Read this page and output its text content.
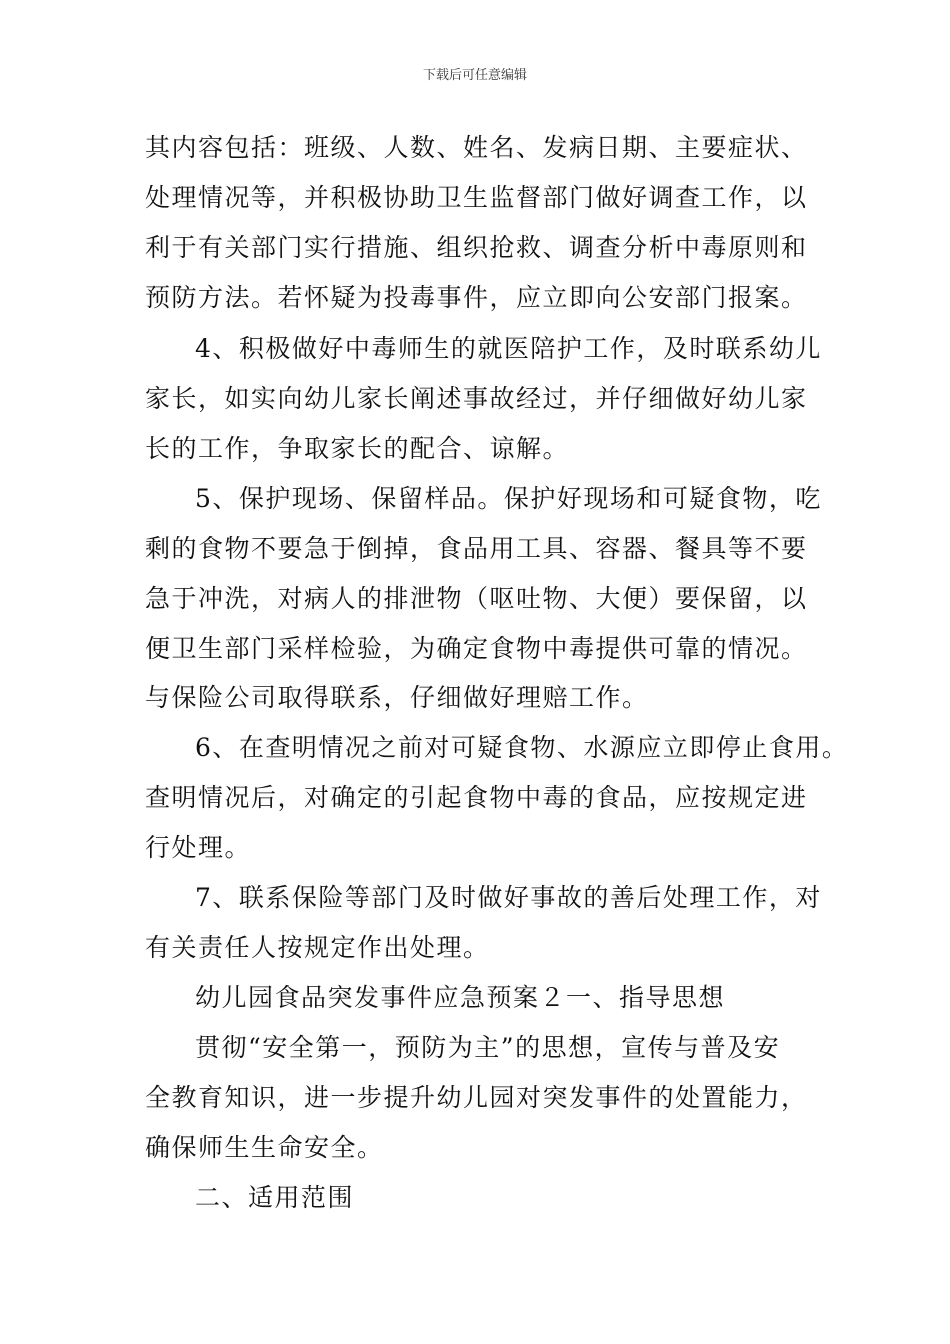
下载后可任意编辑
其内容包括：班级、人数、姓名、发病日期、主要症状、
处理情况等，并积极协助卫生监督部门做好调查工作，以
利于有关部门实行措施、组织抢救、调查分析中毒原则和
预防方法。若怀疑为投毒事件，应立即向公安部门报案。
4、积极做好中毒师生的就医陪护工作，及时联系幼儿
家长，如实向幼儿家长阐述事故经过，并仔细做好幼儿家
长的工作，争取家长的配合、谅解。
5、保护现场、保留样品。保护好现场和可疑食物，吃
剩的食物不要急于倒掉，食品用工具、容器、餐具等不要
急于冲洗，对病人的排泄物（呕吐物、大便）要保留，以
便卫生部门采样检验，为确定食物中毒提供可靠的情况。
与保险公司取得联系，仔细做好理赔工作。
6、在查明情况之前对可疑食物、水源应立即停止食用。
查明情况后，对确定的引起食物中毒的食品，应按规定进
行处理。
7、联系保险等部门及时做好事故的善后处理工作，对
有关责任人按规定作出处理。
幼儿园食品突发事件应急预案２一、指导思想
贯彻“安全第一，预防为主”的思想，宣传与普及安
全教育知识，进一步提升幼儿园对突发事件的处置能力，
确保师生生命安全。
二、适用范围
